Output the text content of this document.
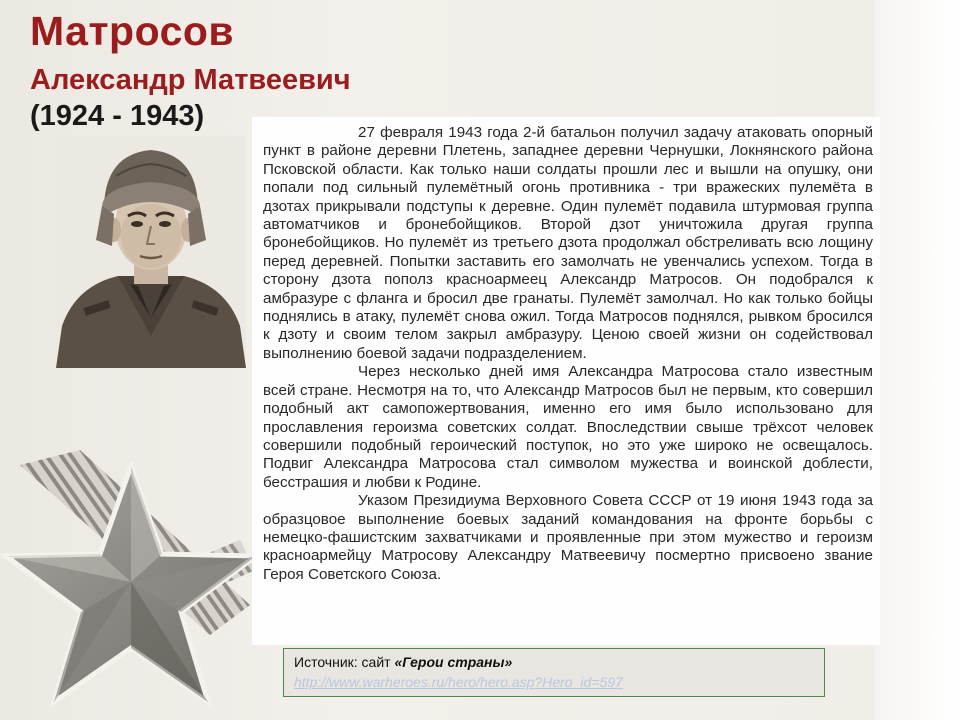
Матросов
Александр Матвеевич
(1924 - 1943)

27 февраля 1943 года 2-й батальон получил задачу атаковать опорный пункт в районе деревни Плетень, западнее деревни Чернушки, Локнянского района Псковской области. Как только наши солдаты прошли лес и вышли на опушку, они попали под сильный пулемётный огонь противника - три вражеских пулемёта в дзотах прикрывали подступы к деревне. Один пулемёт подавила штурмовая группа автоматчиков и бронебойщиков. Второй дзот уничтожила другая группа бронебойщиков. Но пулемёт из третьего дзота продолжал обстреливать всю лощину перед деревней. Попытки заставить его замолчать не увенчались успехом. Тогда в сторону дзота пополз красноармеец Александр Матросов. Он подобрался к амбразуре с фланга и бросил две гранаты. Пулемёт замолчал. Но как только бойцы поднялись в атаку, пулемёт снова ожил. Тогда Матросов поднялся, рывком бросился к дзоту и своим телом закрыл амбразуру. Ценою своей жизни он содействовал выполнению боевой задачи подразделением.

Через несколько дней имя Александра Матросова стало известным всей стране. Несмотря на то, что Александр Матросов был не первым, кто совершил подобный акт самопожертвования, именно его имя было использовано для прославления героизма советских солдат. Впоследствии свыше трёхсот человек совершили подобный героический поступок, но это уже широко не освещалось. Подвиг Александра Матросова стал символом мужества и воинской доблести, бесстрашия и любви к Родине.

Указом Президиума Верховного Совета СССР от 19 июня 1943 года за образцовое выполнение боевых заданий командования на фронте борьбы с немецко-фашистским захватчиками и проявленные при этом мужество и героизм красноармейцу Матросову Александру Матвеевичу посмертно присвоено звание Героя Советского Союза.

Источник: сайт «Герои страны»
http://www.warheroes.ru/hero/hero.asp?Hero_id=597
